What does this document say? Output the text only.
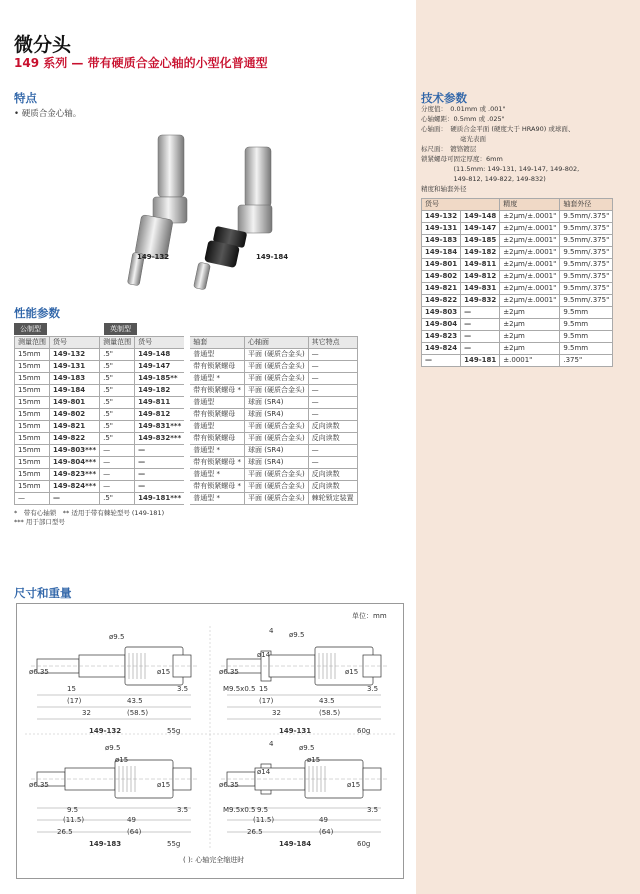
微分头
149 系列 — 带有硬质合金心轴的小型化普通型
特点
• 硬质合金心轴。
149-132	149-184
性能参数
公制型	英制型
测量范围	货号	测量范围	货号	轴套	心轴面	其它特点
15mm	149-132	.5"	149-148	普通型	平面 (硬质合金头)	—
15mm	149-131	.5"	149-147	带有锁紧螺母	平面 (硬质合金头)	—
15mm	149-183	.5"	149-185**	普通型 *	平面 (硬质合金头)	—
15mm	149-184	.5"	149-182	带有锁紧螺母 *	平面 (硬质合金头)	—
15mm	149-801	.5"	149-811	普通型	球面 (SR4)	—
15mm	149-802	.5"	149-812	带有锁紧螺母	球面 (SR4)	—
15mm	149-821	.5"	149-831***	普通型	平面 (硬质合金头)	反向读数
15mm	149-822	.5"	149-832***	带有锁紧螺母	平面 (硬质合金头)	反向读数
15mm	149-803***	—	—	普通型 *	球面 (SR4)	—
15mm	149-804***	—	—	带有锁紧螺母 *	球面 (SR4)	—
15mm	149-823***	—	—	普通型 *	平面 (硬质合金头)	反向读数
15mm	149-824***	—	—	带有锁紧螺母 *	平面 (硬质合金头)	反向读数
—	—	.5"	149-181***	普通型 *	平面 (硬质合金头)	棘轮锁定装置
*　带有心轴锁　** 适用于带有棘轮型号 (149-181)
*** 用于部口型号
技术参数
分度值：　0.01mm 或 .001"
心轴螺距：0.5mm 或 .025"
心轴面：　硬质合金平面 (硬度大于 HRA90) 或球面、
　　　　　　毫光表面
标尺面：　镀铬镀层
锁紧螺母可固定厚度：6mm
　　　　　(11.5mm: 149-131, 149-147, 149-802,
　　　　　149-812, 149-822, 149-832)
精度和轴套外径
货号		精度	轴套外径
149-132	149-148	±2μm/±.0001"	9.5mm/.375"
149-131	149-147	±2μm/±.0001"	9.5mm/.375"
149-183	149-185	±2μm/±.0001"	9.5mm/.375"
149-184	149-182	±2μm/±.0001"	9.5mm/.375"
149-801	149-811	±2μm/±.0001"	9.5mm/.375"
149-802	149-812	±2μm/±.0001"	9.5mm/.375"
149-821	149-831	±2μm/±.0001"	9.5mm/.375"
149-822	149-832	±2μm/±.0001"	9.5mm/.375"
149-803	—	±2μm	9.5mm
149-804	—	±2μm	9.5mm
149-823	—	±2μm	9.5mm
149-824	—	±2μm	9.5mm
—	149-181	±.0001"	.375"
尺寸和重量
单位：mm
( ): 心轴完全缩进时
ø9.5
ø6.35	ø15
15
(17)	43.5
32	(58.5)
3.5
149-132	55g
ø9.5
ø6.35
ø14
ø15
4
M9.5x0.5 15
(17)	43.5
32	(58.5)
3.5
149-131	60g
ø9.5
ø6.35
ø15
ø15
9.5
(11.5)	49
26.5	(64)
3.5
149-183	55g
ø9.5
ø6.35
ø14
ø15
ø15
4
M9.5x0.5 9.5
(11.5)	49
26.5	(64)
3.5
149-184	60g
